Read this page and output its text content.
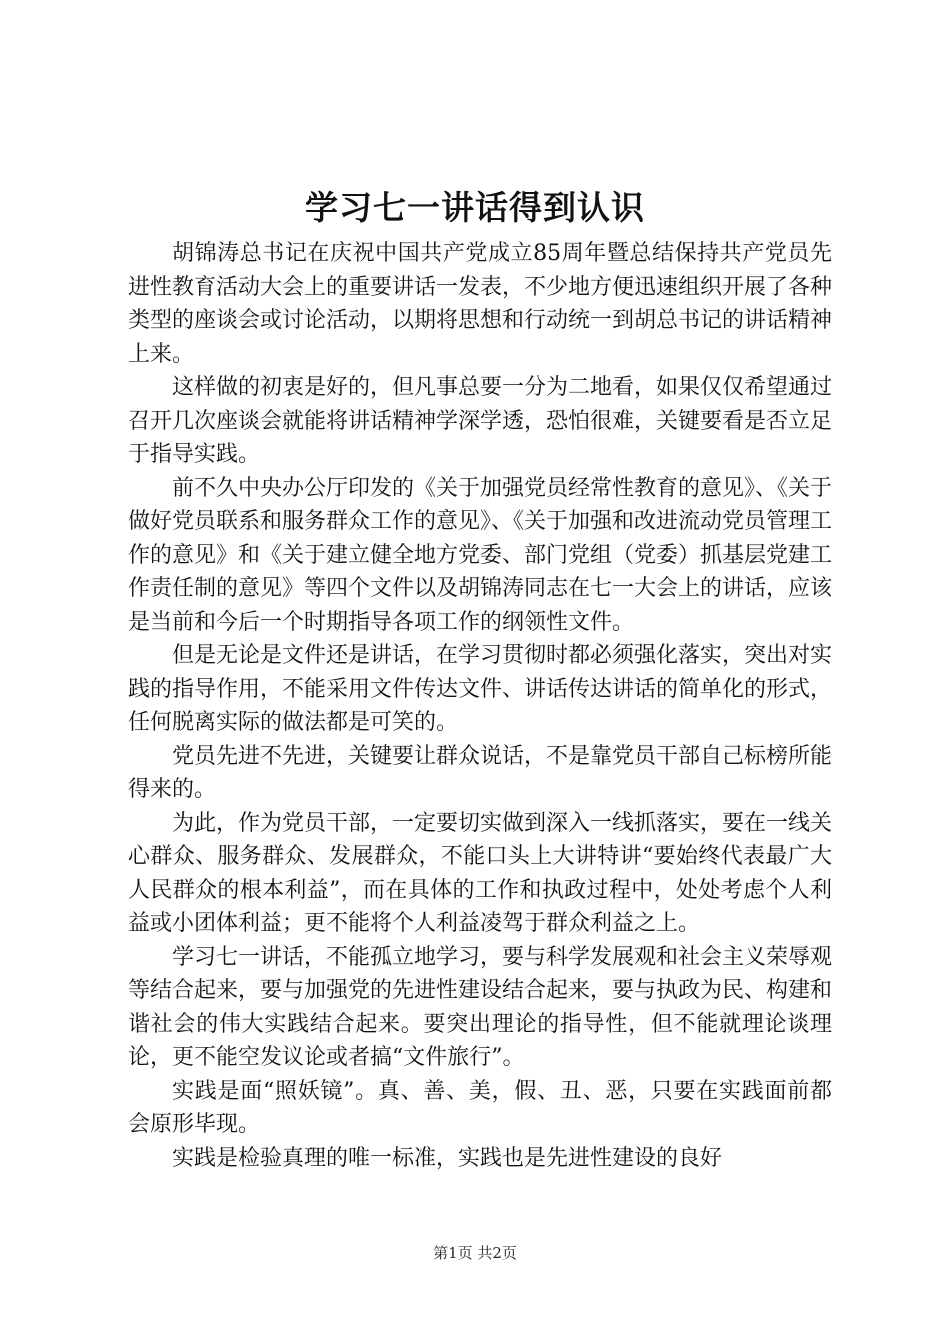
学习七一讲话得到认识

胡锦涛总书记在庆祝中国共产党成立85周年暨总结保持共产党员先进性教育活动大会上的重要讲话一发表，不少地方便迅速组织开展了各种类型的座谈会或讨论活动，以期将思想和行动统一到胡总书记的讲话精神上来。

这样做的初衷是好的，但凡事总要一分为二地看，如果仅仅希望通过召开几次座谈会就能将讲话精神学深学透，恐怕很难，关键要看是否立足于指导实践。

前不久中央办公厅印发的《关于加强党员经常性教育的意见》、《关于做好党员联系和服务群众工作的意见》、《关于加强和改进流动党员管理工作的意见》和《关于建立健全地方党委、部门党组（党委）抓基层党建工作责任制的意见》等四个文件以及胡锦涛同志在七一大会上的讲话，应该是当前和今后一个时期指导各项工作的纲领性文件。

但是无论是文件还是讲话，在学习贯彻时都必须强化落实，突出对实践的指导作用，不能采用文件传达文件、讲话传达讲话的简单化的形式，任何脱离实际的做法都是可笑的。

党员先进不先进，关键要让群众说话，不是靠党员干部自己标榜所能得来的。

为此，作为党员干部，一定要切实做到深入一线抓落实，要在一线关心群众、服务群众、发展群众，不能口头上大讲特讲“要始终代表最广大人民群众的根本利益”，而在具体的工作和执政过程中，处处考虑个人利益或小团体利益；更不能将个人利益凌驾于群众利益之上。

学习七一讲话，不能孤立地学习，要与科学发展观和社会主义荣辱观等结合起来，要与加强党的先进性建设结合起来，要与执政为民、构建和谐社会的伟大实践结合起来。要突出理论的指导性，但不能就理论谈理论，更不能空发议论或者搞“文件旅行”。

实践是面“照妖镜”。真、善、美，假、丑、恶，只要在实践面前都会原形毕现。

实践是检验真理的唯一标准，实践也是先进性建设的良好

第1页 共2页
